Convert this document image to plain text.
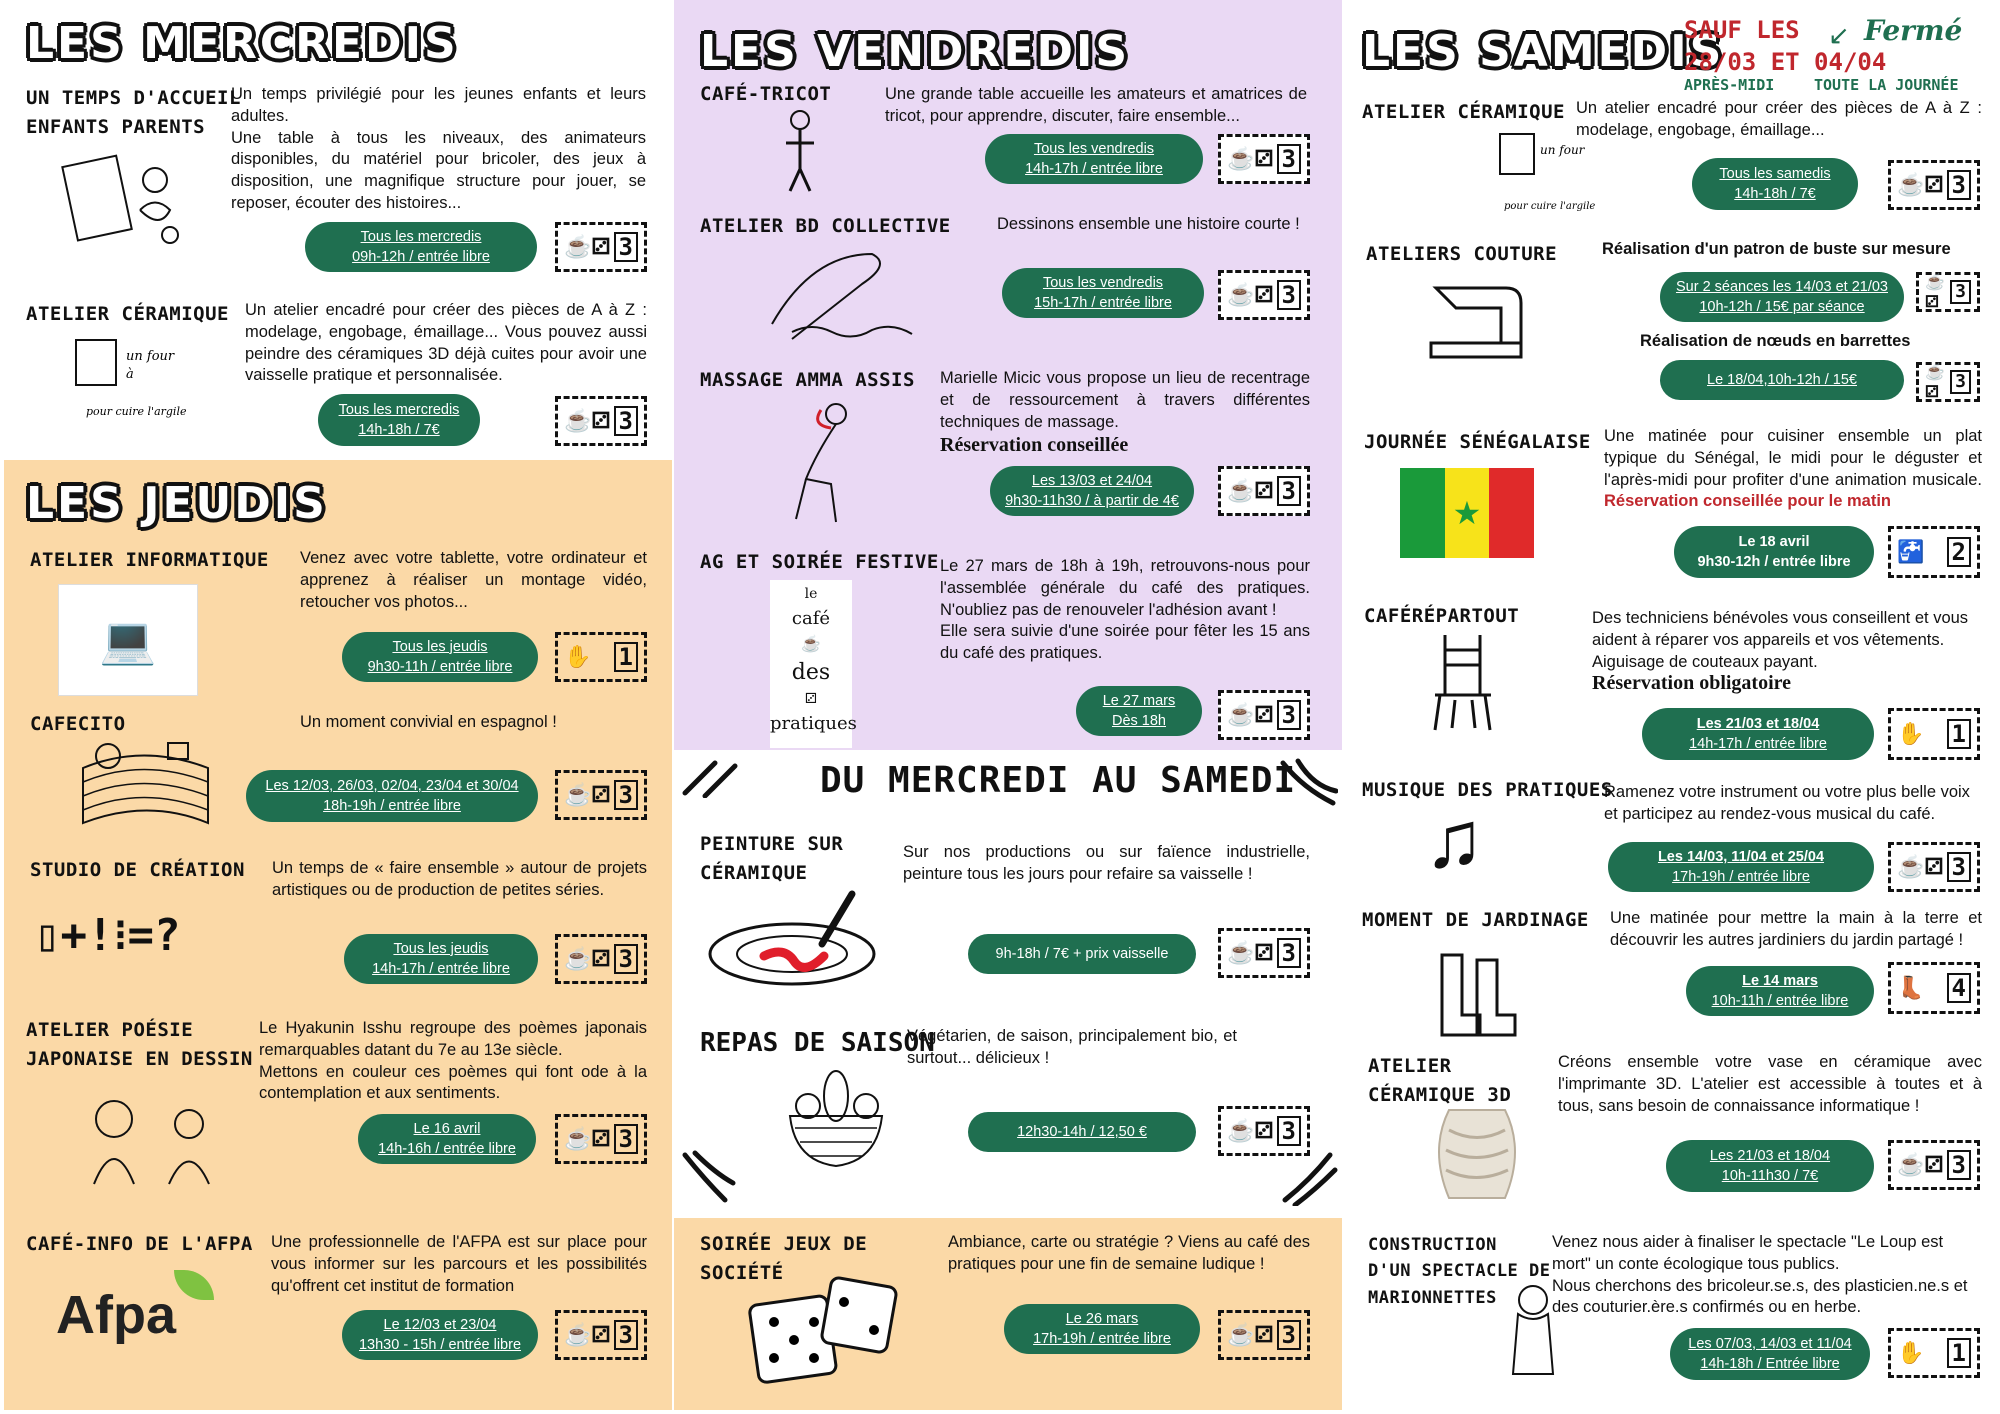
LES MERCREDIS
UN TEMPS D'ACCUEIL
ENFANTS PARENTS
Un temps privilégié pour les jeunes enfants et leurs adultes.
Une table à tous les niveaux, des animateurs disponibles, du matériel pour bricoler, des jeux à disposition, une magnifique structure pour jouer, se reposer, écouter des histoires...
Tous les mercredis
09h-12h / entrée libre	☕⚂ 3
ATELIER CÉRAMIQUE
un four
à
pour cuire l'argile
Un atelier encadré pour créer des pièces de A à Z : modelage, engobage, émaillage... Vous pouvez aussi peindre des céramiques 3D déjà cuites pour avoir une vaisselle pratique et personnalisée.
Tous les mercredis
14h-18h / 7€	☕⚂ 3
LES JEUDIS
ATELIER INFORMATIQUE
💻
Venez avec votre tablette, votre ordinateur et apprenez à réaliser un montage vidéo, retoucher vos photos...
Tous les jeudis
9h30-11h / entrée libre	✋ 1
CAFECITO	Un moment convivial en espagnol !
Les 12/03, 26/03, 02/04, 23/04 et 30/04
18h-19h / entrée libre	☕⚂ 3
STUDIO DE CRÉATION
▯+!⁝=?
Un temps de « faire ensemble » autour de projets artistiques ou de production de petites séries.
Tous les jeudis
14h-17h / entrée libre	☕⚂ 3
ATELIER POÉSIE
JAPONAISE EN DESSIN
Le Hyakunin Isshu regroupe des poèmes japonais remarquables datant du 7e au 13e siècle.
Mettons en couleur ces poèmes qui font ode à la contemplation et aux sentiments.
Le 16 avril
14h-16h / entrée libre	☕⚂ 3
CAFÉ-INFO DE L'AFPA
Afpa
Une professionnelle de l'AFPA est sur place pour vous informer sur les parcours et les possibilités qu'offrent cet institut de formation
Le 12/03 et 23/04
13h30 - 15h / entrée libre	☕⚂ 3
LES VENDREDIS
CAFÉ-TRICOT	Une grande table accueille les amateurs et amatrices de tricot, pour apprendre, discuter, faire ensemble...
Tous les vendredis
14h-17h / entrée libre	☕⚂ 3
ATELIER BD COLLECTIVE	Dessinons ensemble une histoire courte !
Tous les vendredis
15h-17h / entrée libre	☕⚂ 3
MASSAGE AMMA ASSIS Marielle Micic vous propose un lieu de recentrage et de ressourcement à travers différentes techniques de massage.
Réservation conseillée
Les 13/03 et 24/04
9h30-11h30 / à partir de 4€	☕⚂ 3
AG ET SOIRÉE FESTIVE
le
café
☕
des
⚂
pratiques
Le 27 mars de 18h à 19h, retrouvons-nous pour l'assemblée générale du café des pratiques. N'oubliez pas de renouveler l'adhésion avant !
Elle sera suivie d'une soirée pour fêter les 15 ans du café des pratiques.
Le 27 mars
Dès 18h	☕⚂ 3
DU MERCREDI AU SAMEDI
PEINTURE SUR
CÉRAMIQUE
Sur nos productions ou sur faïence industrielle, peinture tous les jours pour refaire sa vaisselle !
9h-18h / 7€ + prix vaisselle	☕⚂ 3
REPAS DE SAISON
Végétarien, de saison, principalement bio, et surtout... délicieux !
12h30-14h / 12,50 €	☕⚂ 3
SOIRÉE JEUX DE
SOCIÉTÉ
Ambiance, carte ou stratégie ? Viens au café des pratiques pour une fin de semaine ludique !
Le 26 mars
17h-19h / entrée libre	☕⚂ 3
LES SAMEDIS
SAUF LES
28/03 ET 04/04
APRÈS-MIDI	TOUTE LA JOURNÉE
↙ Fermé
ATELIER CÉRAMIQUE
un four
pour cuire l'argile
Un atelier encadré pour créer des pièces de A à Z : modelage, engobage, émaillage...
Tous les samedis
14h-18h / 7€	☕⚂ 3
ATELIERS COUTURE	Réalisation d'un patron de buste sur mesure
Sur 2 séances les 14/03 et 21/03
10h-12h / 15€ par séance
☕⚂
3
Réalisation de nœuds en barrettes
Le 18/04,10h-12h / 15€	☕⚂
3
JOURNÉE SÉNÉGALAISE
★
Une matinée pour cuisiner ensemble un plat typique du Sénégal, le midi pour le déguster et l'après-midi pour profiter d'une animation musicale. Réservation conseillée pour le matin
Le 18 avril
9h30-12h / entrée libre	🚰 2
CAFÉRÉPARTOUT	Des techniciens bénévoles vous conseillent et vous aident à réparer vos appareils et vos vêtements.
Aiguisage de couteaux payant.
Réservation obligatoire
Les 21/03 et 18/04
14h-17h / entrée libre	✋ 1
MUSIQUE DES PRATIQUES
♫
Ramenez votre instrument ou votre plus belle voix et participez au rendez-vous musical du café.
Les 14/03, 11/04 et 25/04
17h-19h / entrée libre	☕⚂ 3
MOMENT DE JARDINAGE Une matinée pour mettre la main à la terre et découvrir les autres jardiniers du jardin partagé !
Le 14 mars
10h-11h / entrée libre
👢 4
ATELIER
CÉRAMIQUE 3D
Créons ensemble votre vase en céramique avec l'imprimante 3D. L'atelier est accessible à toutes et à tous, sans besoin de connaissance informatique !
Les 21/03 et 18/04
10h-11h30 / 7€	☕⚂ 3
CONSTRUCTION
D'UN SPECTACLE DE
MARIONNETTES
Venez nous aider à finaliser le spectacle "Le Loup est mort" un conte écologique tous publics.
Nous cherchons des bricoleur.se.s, des plasticien.ne.s et des couturier.ère.s confirmés ou en herbe.
Les 07/03, 14/03 et 11/04
14h-18h / Entrée libre	✋ 1
